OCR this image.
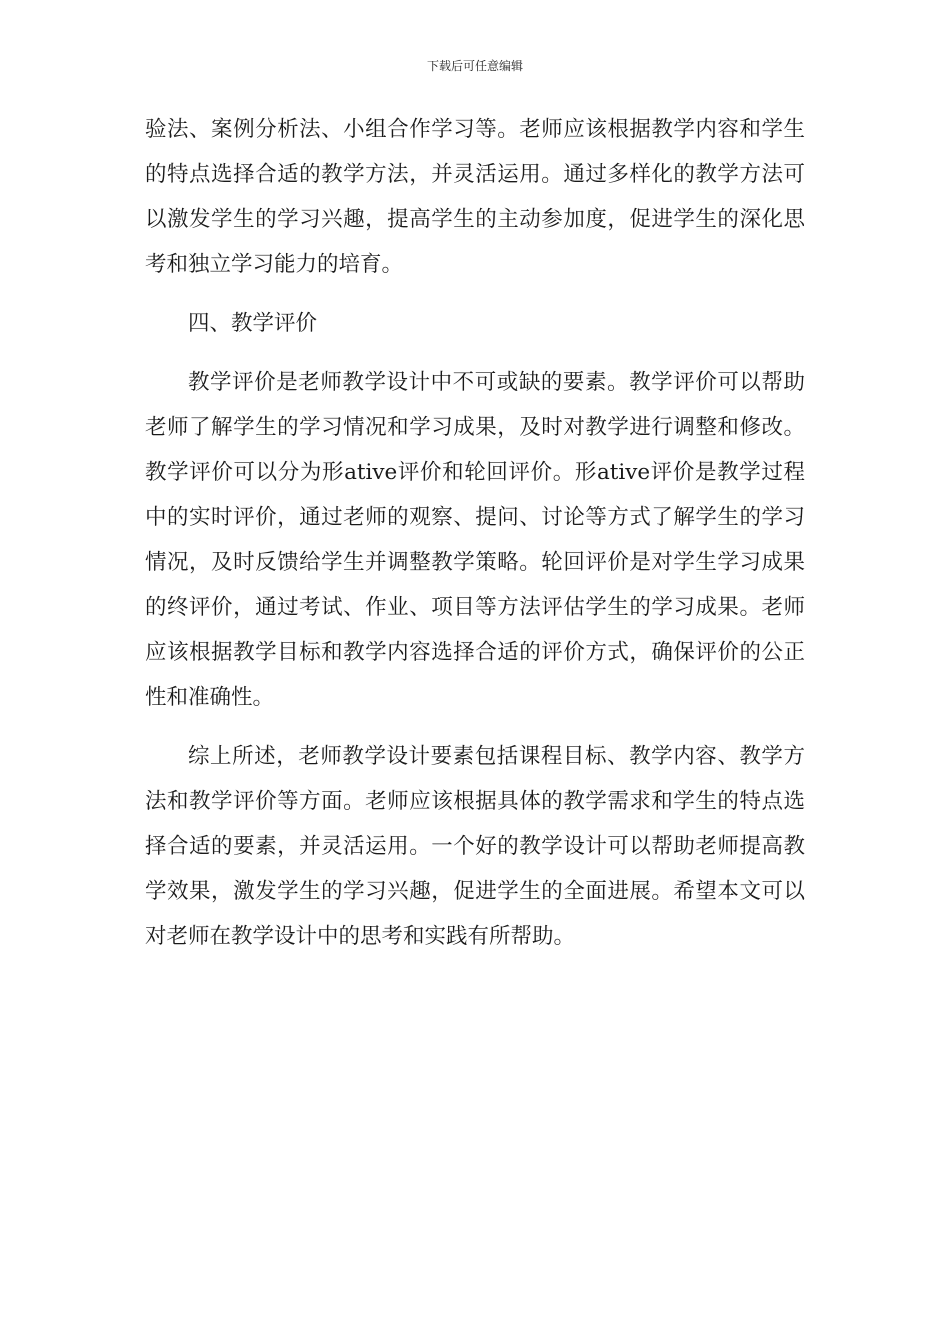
下载后可任意编辑

验法、案例分析法、小组合作学习等。老师应该根据教学内容和学生的特点选择合适的教学方法，并灵活运用。通过多样化的教学方法可以激发学生的学习兴趣，提高学生的主动参加度，促进学生的深化思考和独立学习能力的培育。

四、教学评价

教学评价是老师教学设计中不可或缺的要素。教学评价可以帮助老师了解学生的学习情况和学习成果，及时对教学进行调整和修改。教学评价可以分为形ative评价和轮回评价。形ative评价是教学过程中的实时评价，通过老师的观察、提问、讨论等方式了解学生的学习情况，及时反馈给学生并调整教学策略。轮回评价是对学生学习成果的终评价，通过考试、作业、项目等方法评估学生的学习成果。老师应该根据教学目标和教学内容选择合适的评价方式，确保评价的公正性和准确性。

综上所述，老师教学设计要素包括课程目标、教学内容、教学方法和教学评价等方面。老师应该根据具体的教学需求和学生的特点选择合适的要素，并灵活运用。一个好的教学设计可以帮助老师提高教学效果，激发学生的学习兴趣，促进学生的全面进展。希望本文可以对老师在教学设计中的思考和实践有所帮助。
